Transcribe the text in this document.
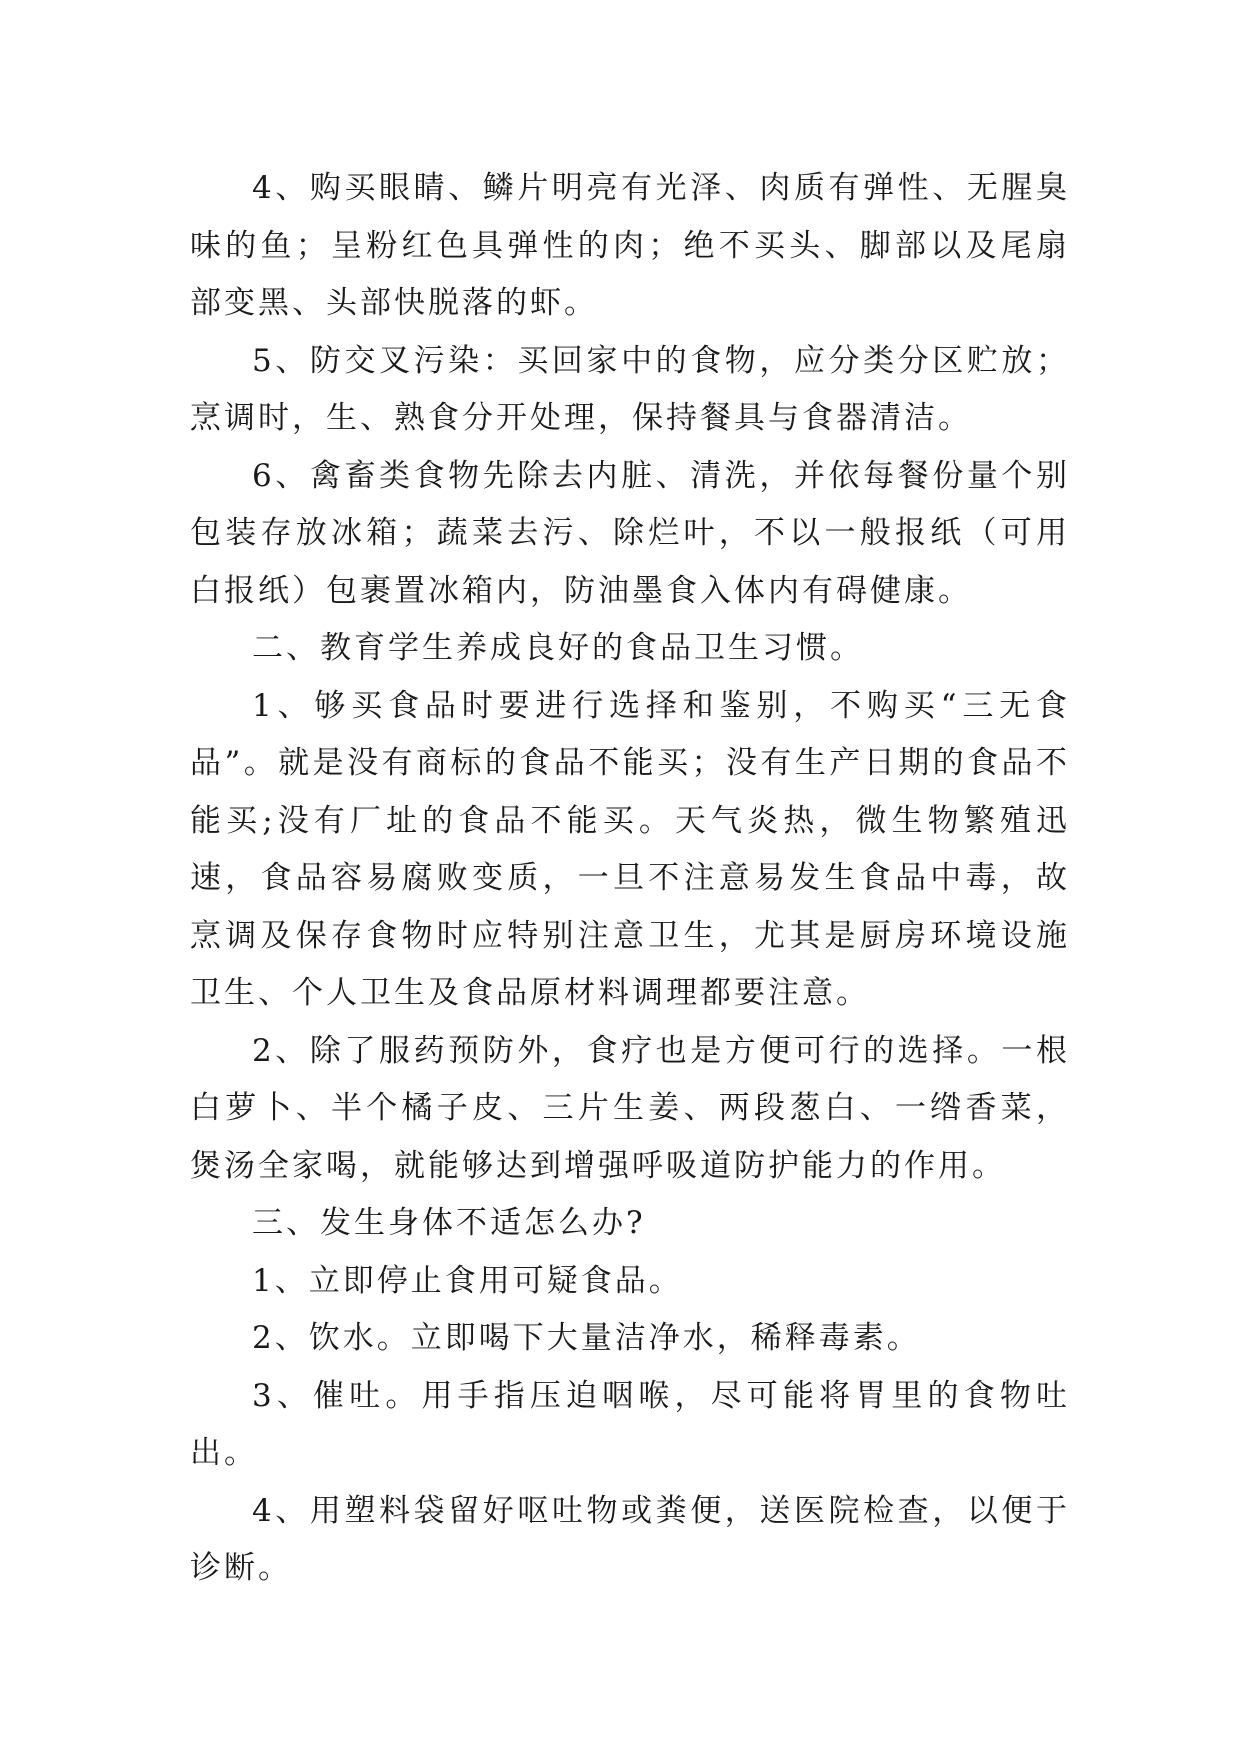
4、购买眼睛、鳞片明亮有光泽、肉质有弹性、无腥臭味的鱼；呈粉红色具弹性的肉；绝不买头、脚部以及尾扇部变黑、头部快脱落的虾。

5、防交叉污染：买回家中的食物，应分类分区贮放；烹调时，生、熟食分开处理，保持餐具与食器清洁。

6、禽畜类食物先除去内脏、清洗，并依每餐份量个别包装存放冰箱；蔬菜去污、除烂叶，不以一般报纸（可用白报纸）包裹置冰箱内，防油墨食入体内有碍健康。

二、教育学生养成良好的食品卫生习惯。

1、够买食品时要进行选择和鉴别，不购买“三无食品”。就是没有商标的食品不能买；没有生产日期的食品不能买;没有厂址的食品不能买。天气炎热，微生物繁殖迅速，食品容易腐败变质，一旦不注意易发生食品中毒，故烹调及保存食物时应特别注意卫生，尤其是厨房环境设施卫生、个人卫生及食品原材料调理都要注意。

2、除了服药预防外，食疗也是方便可行的选择。一根白萝卜、半个橘子皮、三片生姜、两段葱白、一绺香菜，煲汤全家喝，就能够达到增强呼吸道防护能力的作用。

三、发生身体不适怎么办?

1、立即停止食用可疑食品。

2、饮水。立即喝下大量洁净水，稀释毒素。

3、催吐。用手指压迫咽喉，尽可能将胃里的食物吐出。

4、用塑料袋留好呕吐物或粪便，送医院检查，以便于诊断。
